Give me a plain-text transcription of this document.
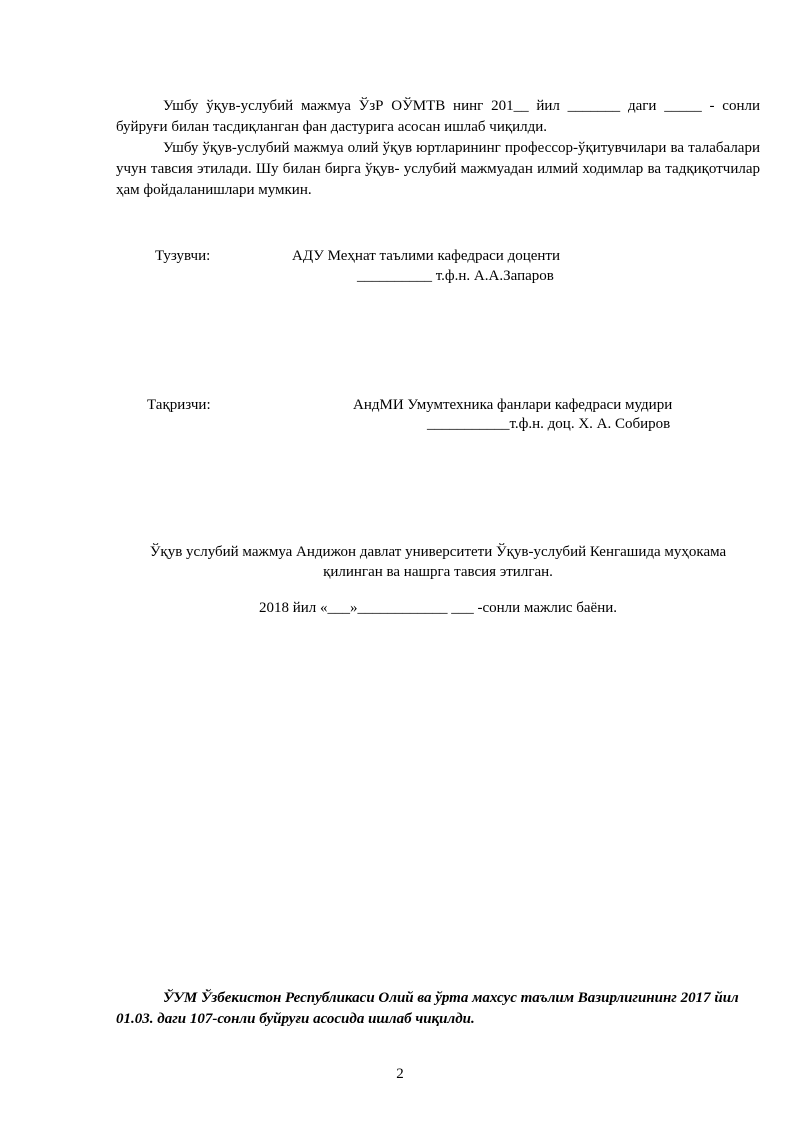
Ушбу ўқув-услубий мажмуа ЎзР ОЎМТВ нинг 201__ йил _______ даги _____ - сонли буйруғи билан тасдиқланган фан дастурига асосан ишлаб чиқилди.

Ушбу ўқув-услубий мажмуа олий ўқув юртларининг профессор-ўқитувчилари ва талабалари учун тавсия этилади. Шу билан бирга ўқув- услубий мажмуадан илмий ходимлар ва тадқиқотчилар ҳам фойдаланишлари мумкин.

Тузувчи:	АДУ Меҳнат таълими кафедраси доценти
__________ т.ф.н. А.А.Запаров
Тақризчи:	АндМИ Умумтехника фанлари кафедраси мудири
___________т.ф.н. доц. Х. А. Собиров
Ўқув услубий мажмуа Андижон давлат университети Ўқув-услубий Кенгашида муҳокама
қилинган ва нашрга тавсия этилган.
2018 йил «___»____________ ___ -сонли мажлис баёни.

ЎУМ Ўзбекистон Республикаси Олий ва ўрта махсус таълим Вазирлигининг 2017 йил 01.03. даги 107-сонли буйруғи асосида ишлаб чиқилди.

2
